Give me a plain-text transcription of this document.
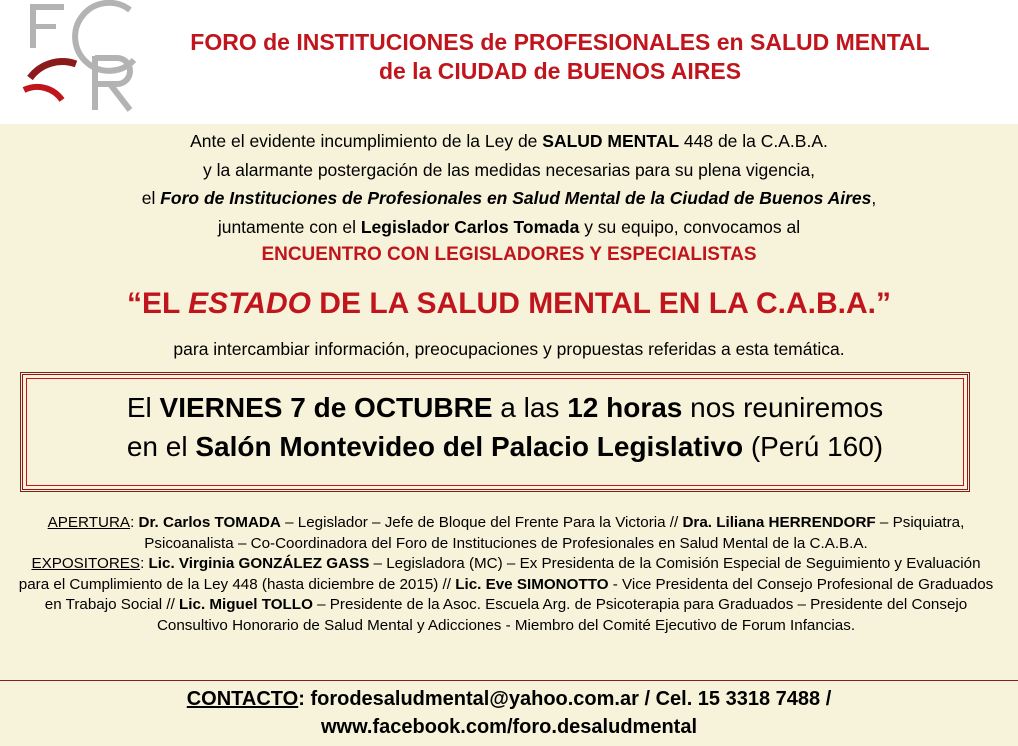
FORO de INSTITUCIONES de PROFESIONALES en SALUD MENTAL
de la CIUDAD de BUENOS AIRES
Ante el evidente incumplimiento de la Ley de SALUD MENTAL 448 de la C.A.B.A.
y la alarmante postergación de las medidas necesarias para su plena vigencia,
el Foro de Instituciones de Profesionales en Salud Mental de la Ciudad de Buenos Aires,
juntamente con el Legislador Carlos Tomada y su equipo, convocamos al
ENCUENTRO CON LEGISLADORES Y ESPECIALISTAS
“EL ESTADO DE LA SALUD MENTAL EN LA C.A.B.A.”
para intercambiar información, preocupaciones y propuestas referidas a esta temática.
El VIERNES 7 de OCTUBRE a las 12 horas nos reuniremos
en el Salón Montevideo del Palacio Legislativo (Perú 160)
APERTURA: Dr. Carlos TOMADA – Legislador – Jefe de Bloque del Frente Para la Victoria // Dra. Liliana HERRENDORF – Psiquiatra, Psicoanalista – Co-Coordinadora del Foro de Instituciones de Profesionales en Salud Mental de la C.A.B.A.
EXPOSITORES: Lic. Virginia GONZÁLEZ GASS – Legisladora (MC) – Ex Presidenta de la Comisión Especial de Seguimiento y Evaluación para el Cumplimiento de la Ley 448 (hasta diciembre de 2015) // Lic. Eve SIMONOTTO - Vice Presidenta del Consejo Profesional de Graduados en Trabajo Social // Lic. Miguel TOLLO – Presidente de la Asoc. Escuela Arg. de Psicoterapia para Graduados – Presidente del Consejo Consultivo Honorario de Salud Mental y Adicciones - Miembro del Comité Ejecutivo de Forum Infancias.
CONTACTO: forodesaludmental@yahoo.com.ar / Cel. 15 3318 7488 /
www.facebook.com/foro.desaludmental
